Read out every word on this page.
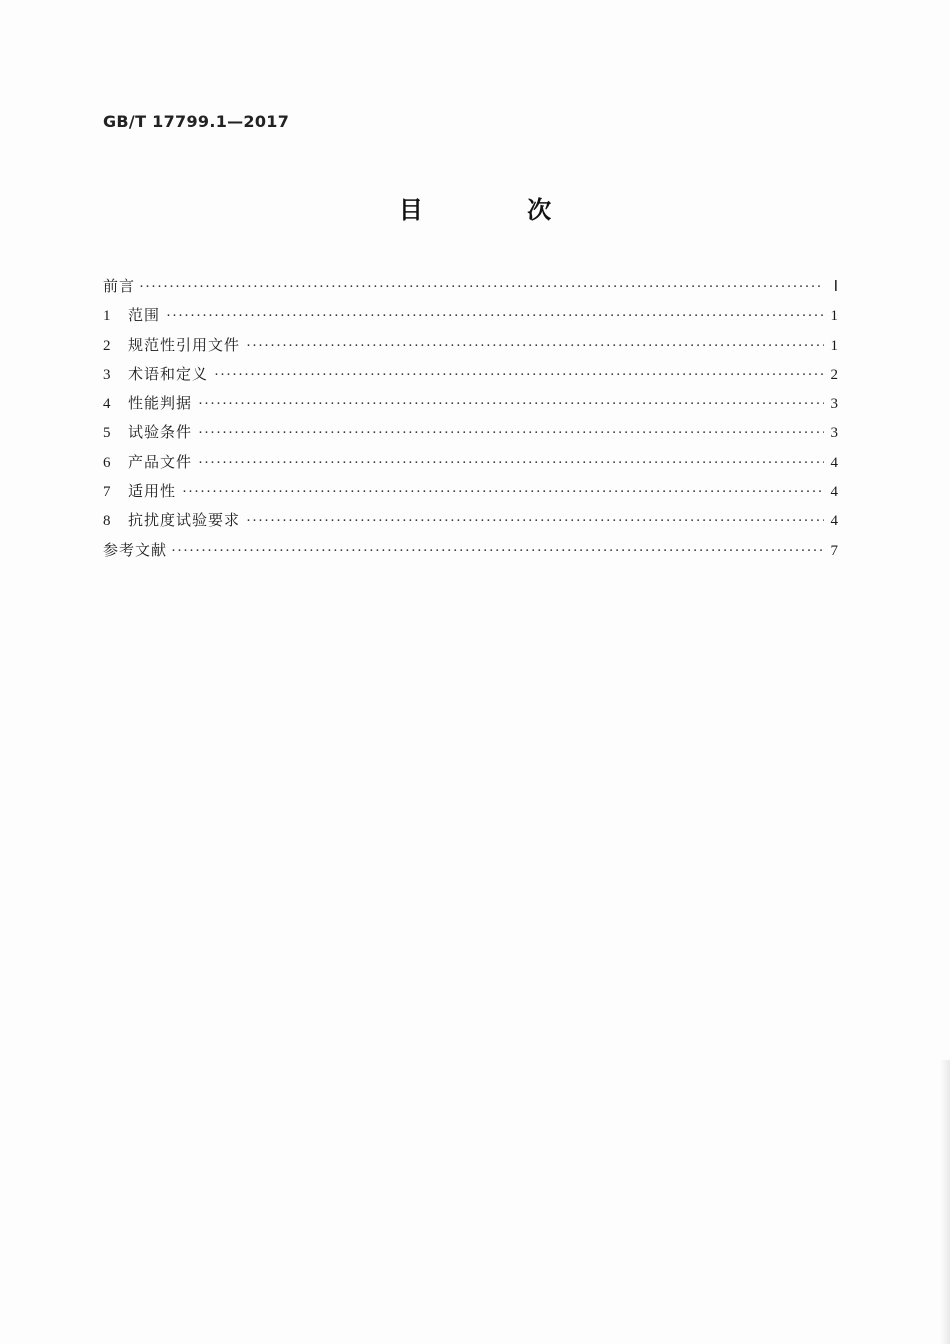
GB/T 17799.1—2017
目 次
前言 ·····	Ⅰ
1	范围 ·····	1
2	规范性引用文件 ·····	1
3	术语和定义 ·····	2
4	性能判据 ·····	3
5	试验条件 ·····	3
6	产品文件 ·····	4
7	适用性 ·····	4
8	抗扰度试验要求 ·····	4
参考文献 ·····	7
